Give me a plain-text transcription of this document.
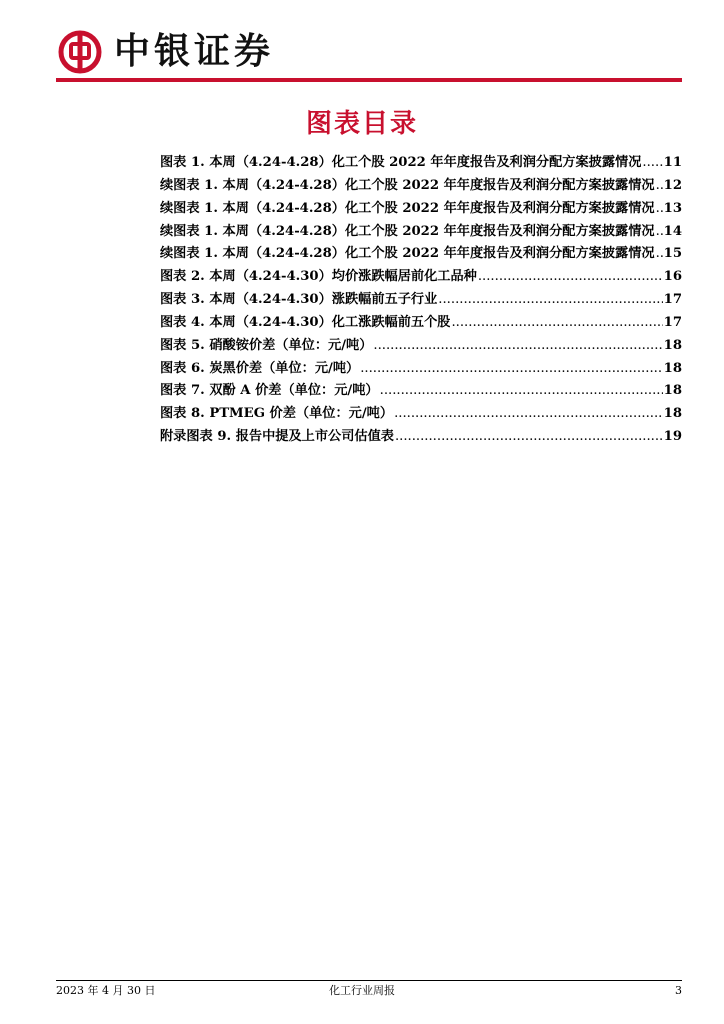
中银证券
图表目录
图表 1. 本周（4.24-4.28）化工个股 2022 年年度报告及利润分配方案披露情况 ..... 11
续图表 1. 本周（4.24-4.28）化工个股 2022 年年度报告及利润分配方案披露情况 ..... 12
续图表 1. 本周（4.24-4.28）化工个股 2022 年年度报告及利润分配方案披露情况 ..... 13
续图表 1. 本周（4.24-4.28）化工个股 2022 年年度报告及利润分配方案披露情况 ..... 14
续图表 1. 本周（4.24-4.28）化工个股 2022 年年度报告及利润分配方案披露情况 ..... 15
图表 2. 本周（4.24-4.30）均价涨跌幅居前化工品种 .....	16
图表 3. 本周（4.24-4.30）涨跌幅前五子行业 .....	17
图表 4. 本周（4.24-4.30）化工涨跌幅前五个股 .....	17
图表 5. 硝酸铵价差（单位：元/吨） .....	18
图表 6. 炭黑价差（单位：元/吨） .....	18
图表 7. 双酚 A 价差（单位：元/吨） .....	18
图表 8. PTMEG 价差（单位：元/吨） .....	18
附录图表 9. 报告中提及上市公司估值表 .....	19
2023 年 4 月 30 日	化工行业周报	3
